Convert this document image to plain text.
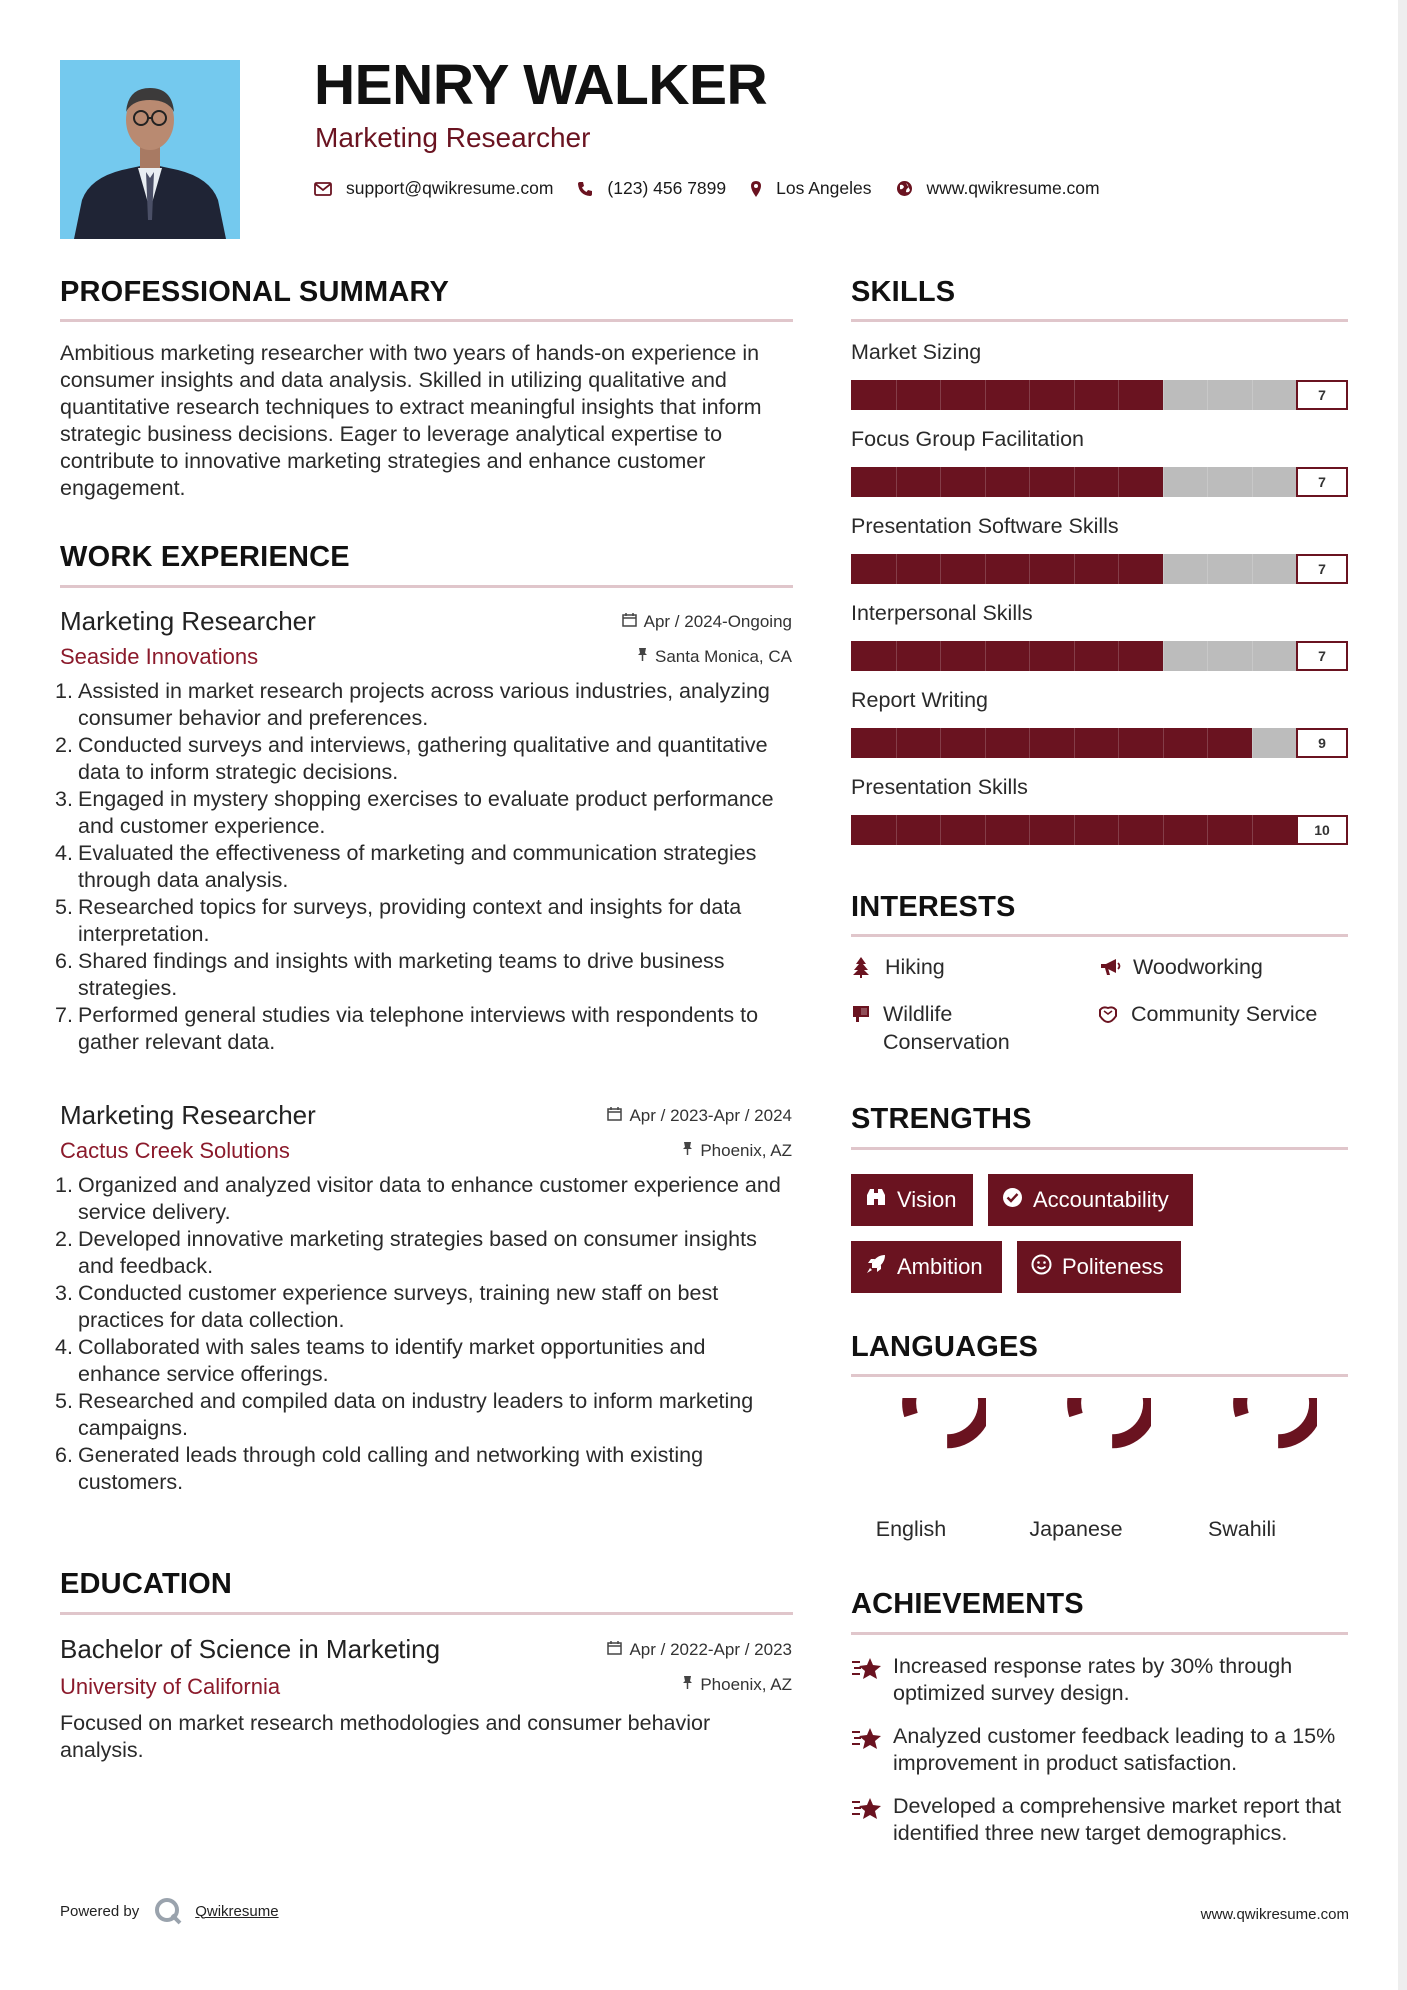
HENRY WALKER
Marketing Researcher
support@qwikresume.com	(123) 456 7899	Los Angeles	www.qwikresume.com
PROFESSIONAL SUMMARY

Ambitious marketing researcher with two years of hands-on experience in consumer insights and data analysis. Skilled in utilizing qualitative and quantitative research techniques to extract meaningful insights that inform strategic business decisions. Eager to leverage analytical expertise to contribute to innovative marketing strategies and enhance customer engagement.

WORK EXPERIENCE
Marketing Researcher
Seaside Innovations
Apr / 2024-Ongoing
Santa Monica, CA
1. Assisted in market research projects across various industries, analyzing consumer behavior and preferences.
2. Conducted surveys and interviews, gathering qualitative and quantitative data to inform strategic decisions.
3. Engaged in mystery shopping exercises to evaluate product performance and customer experience.
4. Evaluated the effectiveness of marketing and communication strategies through data analysis.
5. Researched topics for surveys, providing context and insights for data interpretation.
6. Shared findings and insights with marketing teams to drive business strategies.
7. Performed general studies via telephone interviews with respondents to gather relevant data.
Marketing Researcher
Cactus Creek Solutions
Apr / 2023-Apr / 2024
Phoenix, AZ
1. Organized and analyzed visitor data to enhance customer experience and service delivery.
2. Developed innovative marketing strategies based on consumer insights and feedback.
3. Conducted customer experience surveys, training new staff on best practices for data collection.
4. Collaborated with sales teams to identify market opportunities and enhance service offerings.
5. Researched and compiled data on industry leaders to inform marketing campaigns.
6. Generated leads through cold calling and networking with existing customers.
EDUCATION
Bachelor of Science in Marketing
University of California
Apr / 2022-Apr / 2023
Phoenix, AZ

Focused on market research methodologies and consumer behavior analysis.

SKILLS
Market Sizing
7
Focus Group Facilitation
7
Presentation Software Skills
7
Interpersonal Skills
7
Report Writing
9
Presentation Skills
10
INTERESTS
Hiking	Woodworking
Wildlife Conservation
Community Service
STRENGTHS
Vision	Accountability
Ambition	Politeness
LANGUAGES
English	Japanese	Swahili
ACHIEVEMENTS
Increased response rates by 30% through optimized survey design.
Analyzed customer feedback leading to a 15% improvement in product satisfaction.
Developed a comprehensive market report that identified three new target demographics.
Powered by	Qwikresume	www.qwikresume.com
